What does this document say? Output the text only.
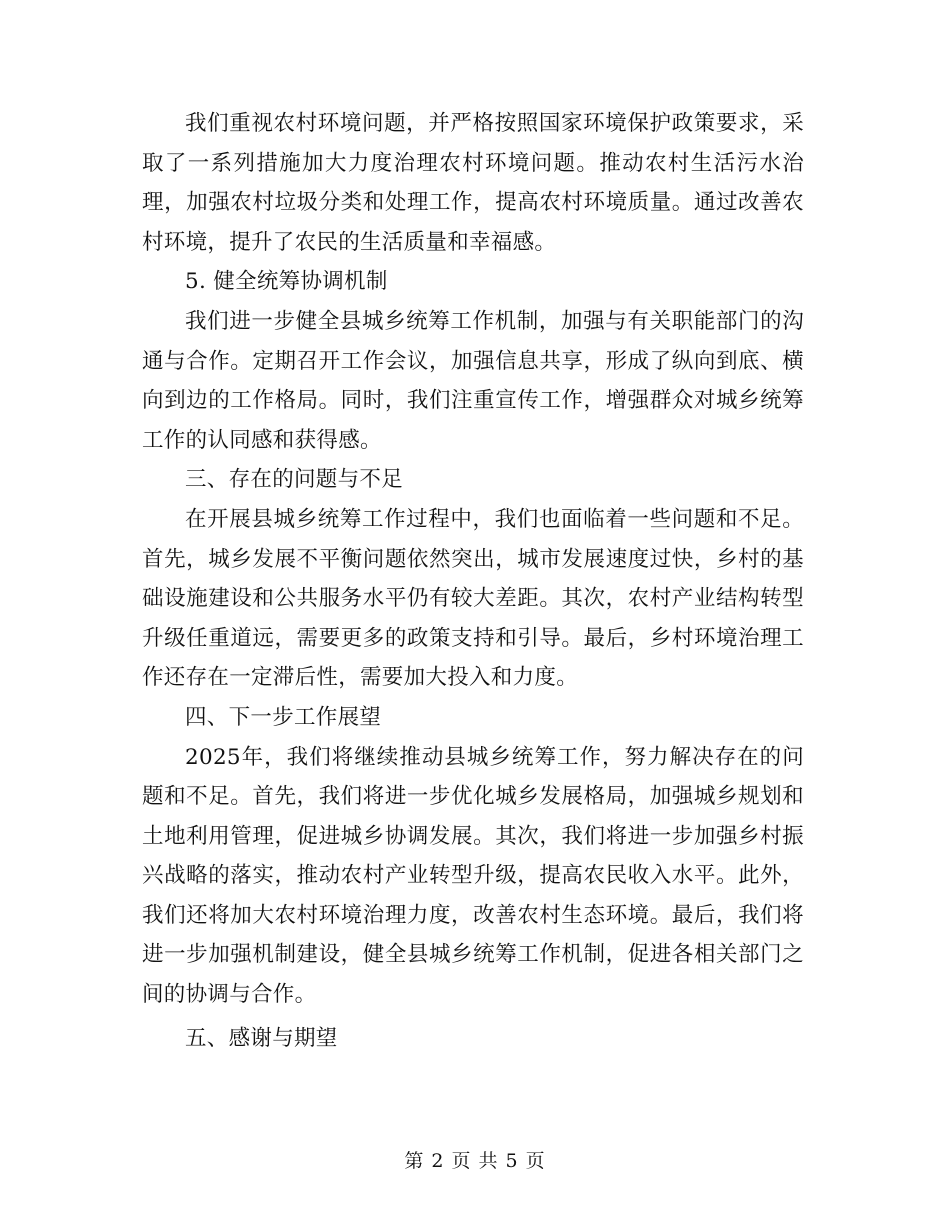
我们重视农村环境问题，并严格按照国家环境保护政策要求，采取了一系列措施加大力度治理农村环境问题。推动农村生活污水治理，加强农村垃圾分类和处理工作，提高农村环境质量。通过改善农村环境，提升了农民的生活质量和幸福感。

5. 健全统筹协调机制

我们进一步健全县城乡统筹工作机制，加强与有关职能部门的沟通与合作。定期召开工作会议，加强信息共享，形成了纵向到底、横向到边的工作格局。同时，我们注重宣传工作，增强群众对城乡统筹工作的认同感和获得感。

三、存在的问题与不足

在开展县城乡统筹工作过程中，我们也面临着一些问题和不足。首先，城乡发展不平衡问题依然突出，城市发展速度过快，乡村的基础设施建设和公共服务水平仍有较大差距。其次，农村产业结构转型升级任重道远，需要更多的政策支持和引导。最后，乡村环境治理工作还存在一定滞后性，需要加大投入和力度。

四、下一步工作展望

2025年，我们将继续推动县城乡统筹工作，努力解决存在的问题和不足。首先，我们将进一步优化城乡发展格局，加强城乡规划和土地利用管理，促进城乡协调发展。其次，我们将进一步加强乡村振兴战略的落实，推动农村产业转型升级，提高农民收入水平。此外，我们还将加大农村环境治理力度，改善农村生态环境。最后，我们将进一步加强机制建设，健全县城乡统筹工作机制，促进各相关部门之间的协调与合作。

五、感谢与期望

第 2 页 共 5 页
